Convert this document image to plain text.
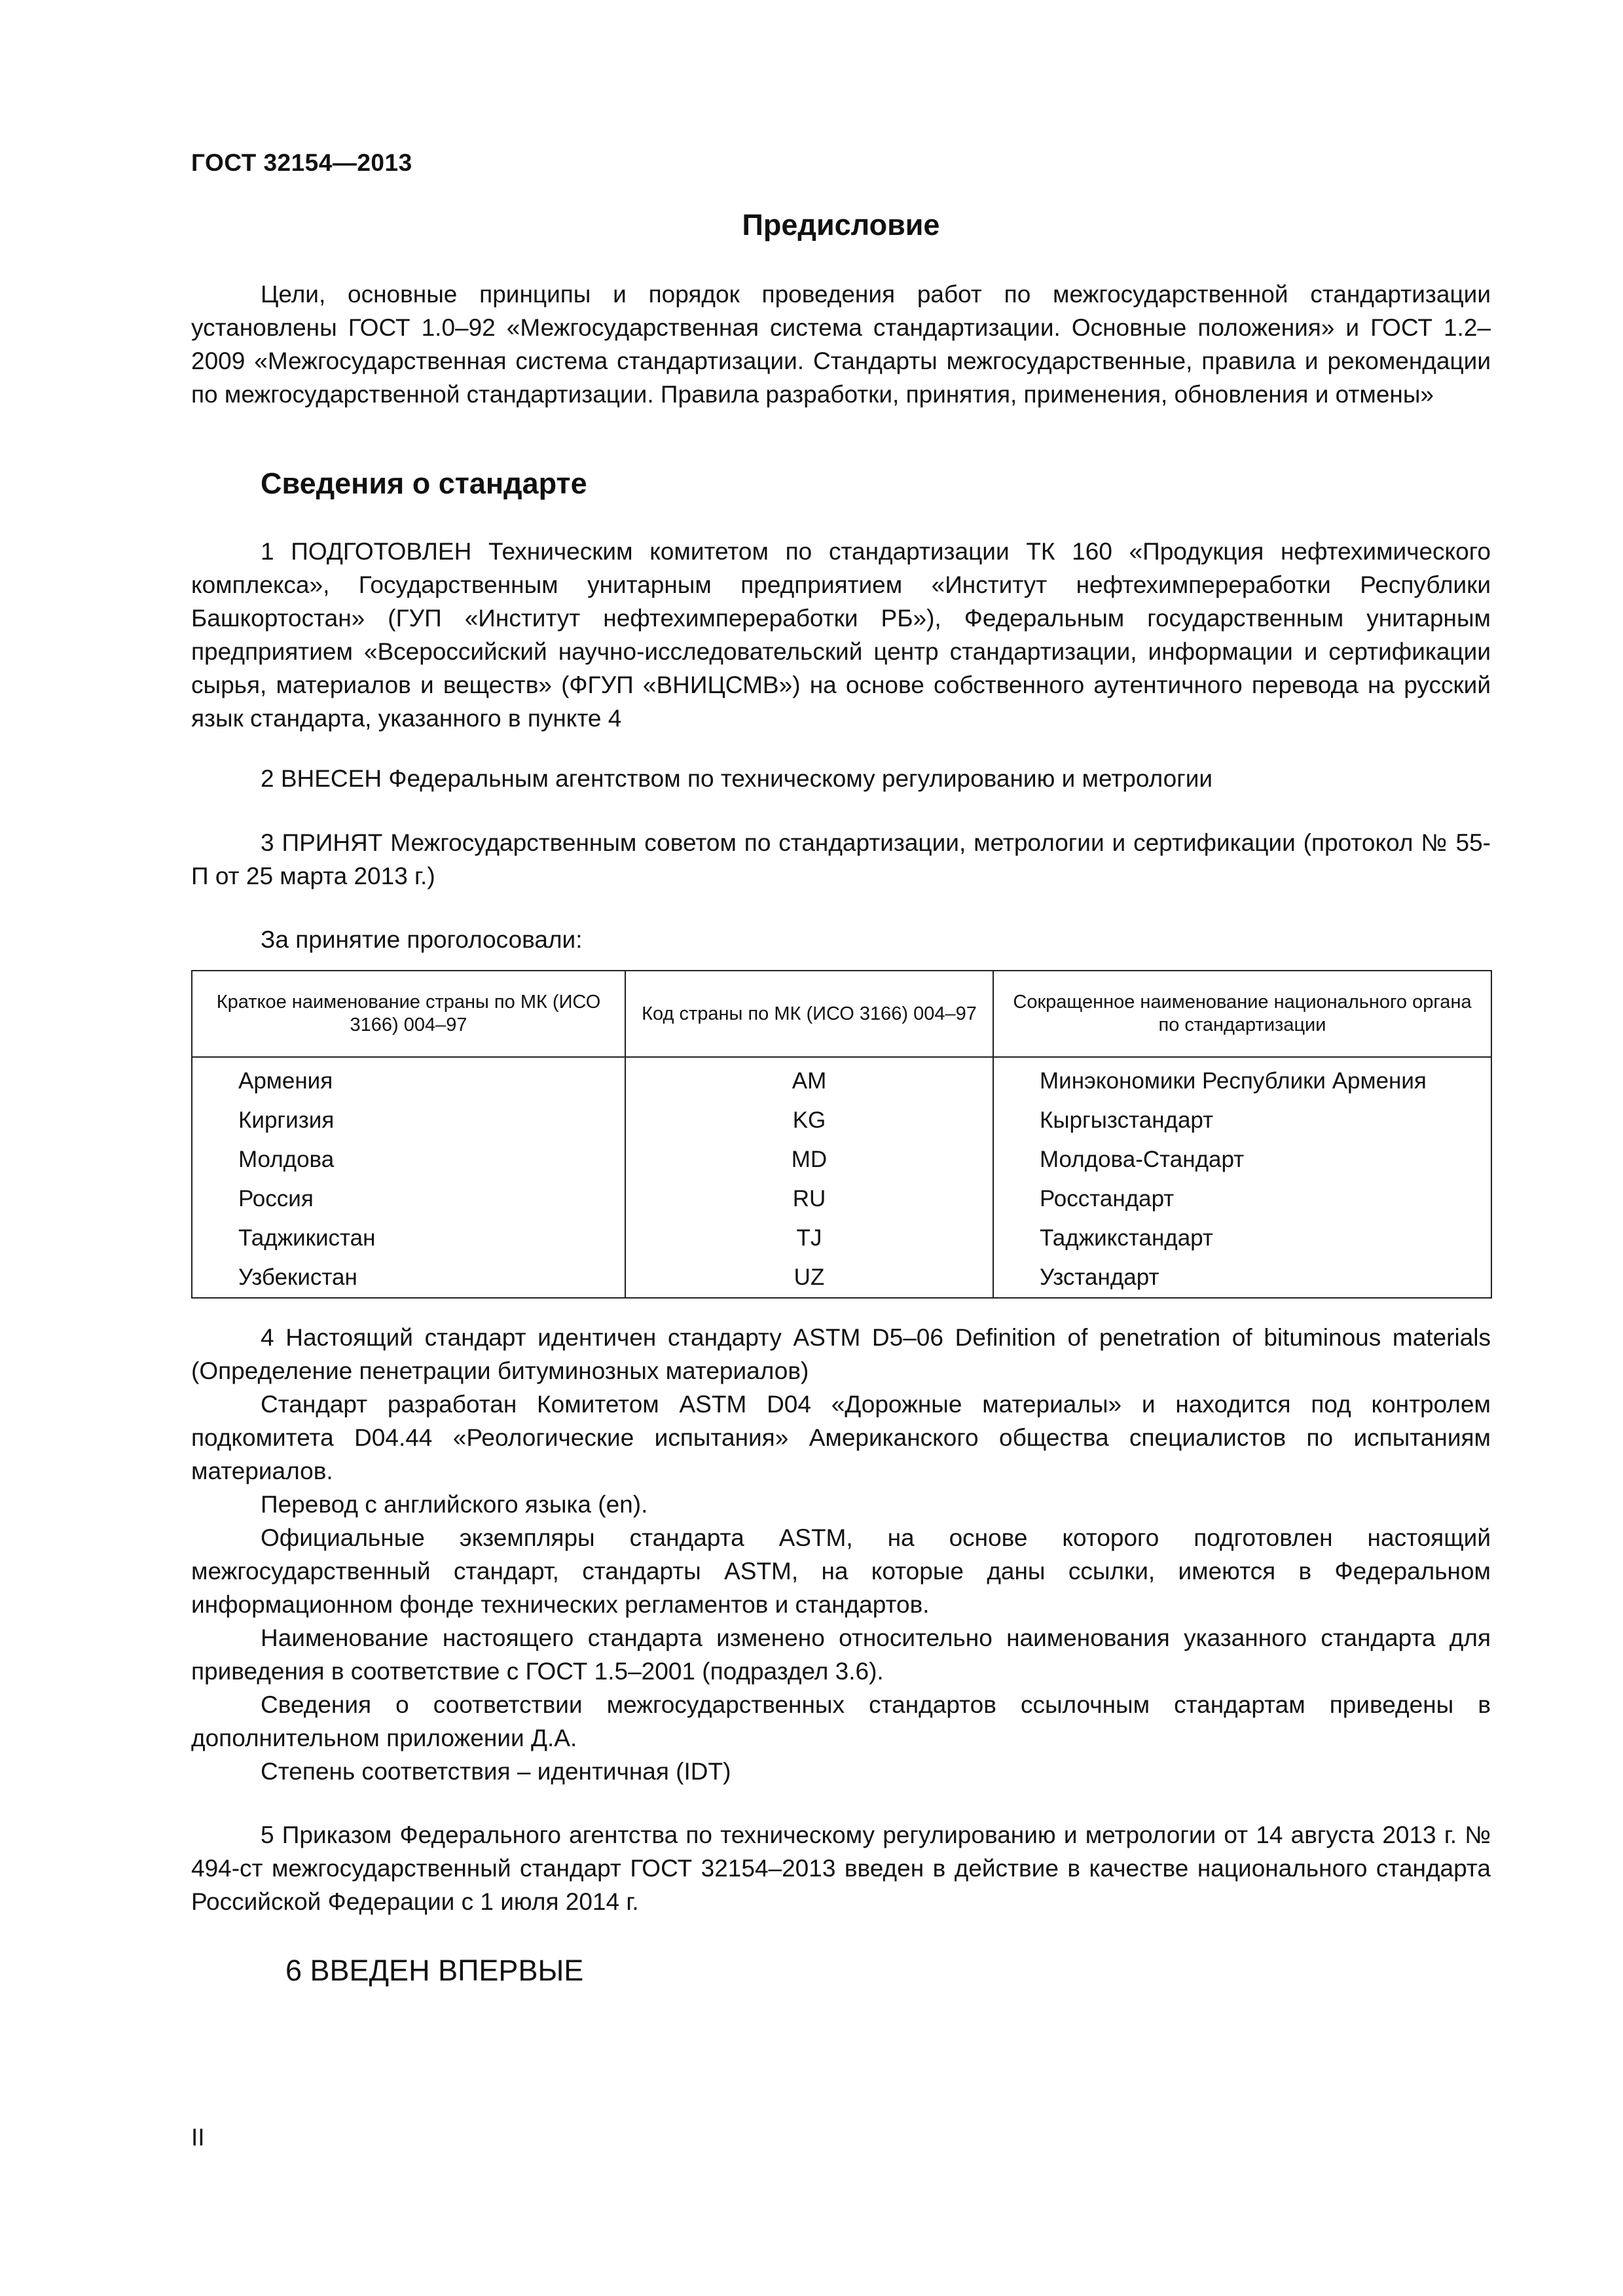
ГОСТ 32154—2013
Предисловие
Цели, основные принципы и порядок проведения работ по межгосударственной стандартизации установлены ГОСТ 1.0–92 «Межгосударственная система стандартизации. Основные положения» и ГОСТ 1.2–2009 «Межгосударственная система стандартизации. Стандарты межгосударственные, правила и рекомендации по межгосударственной стандартизации. Правила разработки, принятия, применения, обновления и отмены»
Сведения о стандарте
1 ПОДГОТОВЛЕН Техническим комитетом по стандартизации ТК 160 «Продукция нефтехимического комплекса», Государственным унитарным предприятием «Институт нефтехимпереработки Республики Башкортостан» (ГУП «Институт нефтехимпереработки РБ»), Федеральным государственным унитарным предприятием «Всероссийский научно-исследовательский центр стандартизации, информации и сертификации сырья, материалов и веществ» (ФГУП «ВНИЦСМВ») на основе собственного аутентичного перевода на русский язык стандарта, указанного в пункте 4
2 ВНЕСЕН Федеральным агентством по техническому регулированию и метрологии
3 ПРИНЯТ Межгосударственным советом по стандартизации, метрологии и сертификации (протокол № 55-П от 25 марта 2013 г.)
За принятие проголосовали:
Краткое наименование страны по МК (ИСО 3166) 004–97	Код страны по МК (ИСО 3166) 004–97	Сокращенное наименование национального органа по стандартизации
Армения	AM	Минэкономики Республики Армения
Киргизия	KG	Кыргызстандарт
Молдова	MD	Молдова-Стандарт
Россия	RU	Росстандарт
Таджикистан	TJ	Таджикстандарт
Узбекистан	UZ	Узстандарт
4 Настоящий стандарт идентичен стандарту ASTM D5–06 Definition of penetration of bituminous materials (Определение пенетрации битуминозных материалов)
Стандарт разработан Комитетом ASTM D04 «Дорожные материалы» и находится под контролем подкомитета D04.44 «Реологические испытания» Американского общества специалистов по испытаниям материалов.
Перевод с английского языка (en).
Официальные экземпляры стандарта ASTM, на основе которого подготовлен настоящий межгосударственный стандарт, стандарты ASTM, на которые даны ссылки, имеются в Федеральном информационном фонде технических регламентов и стандартов.
Наименование настоящего стандарта изменено относительно наименования указанного стандарта для приведения в соответствие с ГОСТ 1.5–2001 (подраздел 3.6).
Сведения о соответствии межгосударственных стандартов ссылочным стандартам приведены в дополнительном приложении Д.А.
Степень соответствия – идентичная (IDT)
5 Приказом Федерального агентства по техническому регулированию и метрологии от 14 августа 2013 г. № 494-ст межгосударственный стандарт ГОСТ 32154–2013 введен в действие в качестве национального стандарта Российской Федерации с 1 июля 2014 г.
6 ВВЕДЕН ВПЕРВЫЕ
II
